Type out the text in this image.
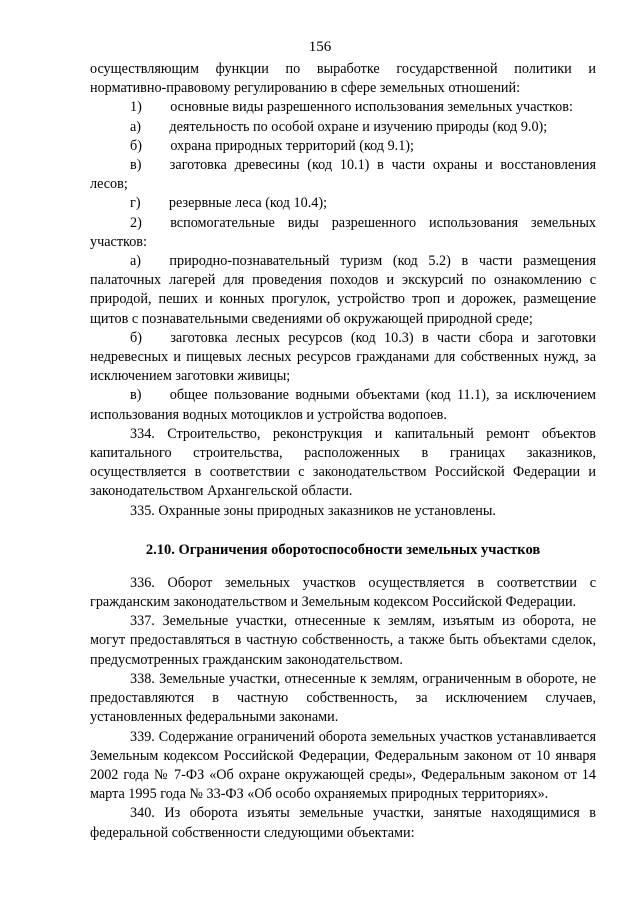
156

осуществляющим функции по выработке государственной политики и нормативно-правовому регулированию в сфере земельных отношений:

1)  основные виды разрешенного использования земельных участков:

а)  деятельность по особой охране и изучению природы (код 9.0);

б)  охрана природных территорий (код 9.1);

в)  заготовка древесины (код 10.1) в части охраны и восстановления лесов;

г)  резервные леса (код 10.4);

2)  вспомогательные виды разрешенного использования земельных участков:

а)  природно-познавательный туризм (код 5.2) в части размещения палаточных лагерей для проведения походов и экскурсий по ознакомлению с природой, пеших и конных прогулок, устройство троп и дорожек, размещение щитов с познавательными сведениями об окружающей природной среде;

б)  заготовка лесных ресурсов (код 10.3) в части сбора и заготовки недревесных и пищевых лесных ресурсов гражданами для собственных нужд, за исключением заготовки живицы;

в)  общее пользование водными объектами (код 11.1), за исключением использования водных мотоциклов и устройства водопоев.

334. Строительство, реконструкция и капитальный ремонт объектов капитального строительства, расположенных в границах заказников, осуществляется в соответствии с законодательством Российской Федерации и законодательством Архангельской области.

335. Охранные зоны природных заказников не установлены.

2.10. Ограничения оборотоспособности земельных участков

336. Оборот земельных участков осуществляется в соответствии с гражданским законодательством и Земельным кодексом Российской Федерации.

337. Земельные участки, отнесенные к землям, изъятым из оборота, не могут предоставляться в частную собственность, а также быть объектами сделок, предусмотренных гражданским законодательством.

338. Земельные участки, отнесенные к землям, ограниченным в обороте, не предоставляются в частную собственность, за исключением случаев, установленных федеральными законами.

339. Содержание ограничений оборота земельных участков устанавливается Земельным кодексом Российской Федерации, Федеральным законом от 10 января 2002 года № 7-ФЗ «Об охране окружающей среды», Федеральным законом от 14 марта 1995 года № 33-ФЗ «Об особо охраняемых природных территориях».

340. Из оборота изъяты земельные участки, занятые находящимися в федеральной собственности следующими объектами:
